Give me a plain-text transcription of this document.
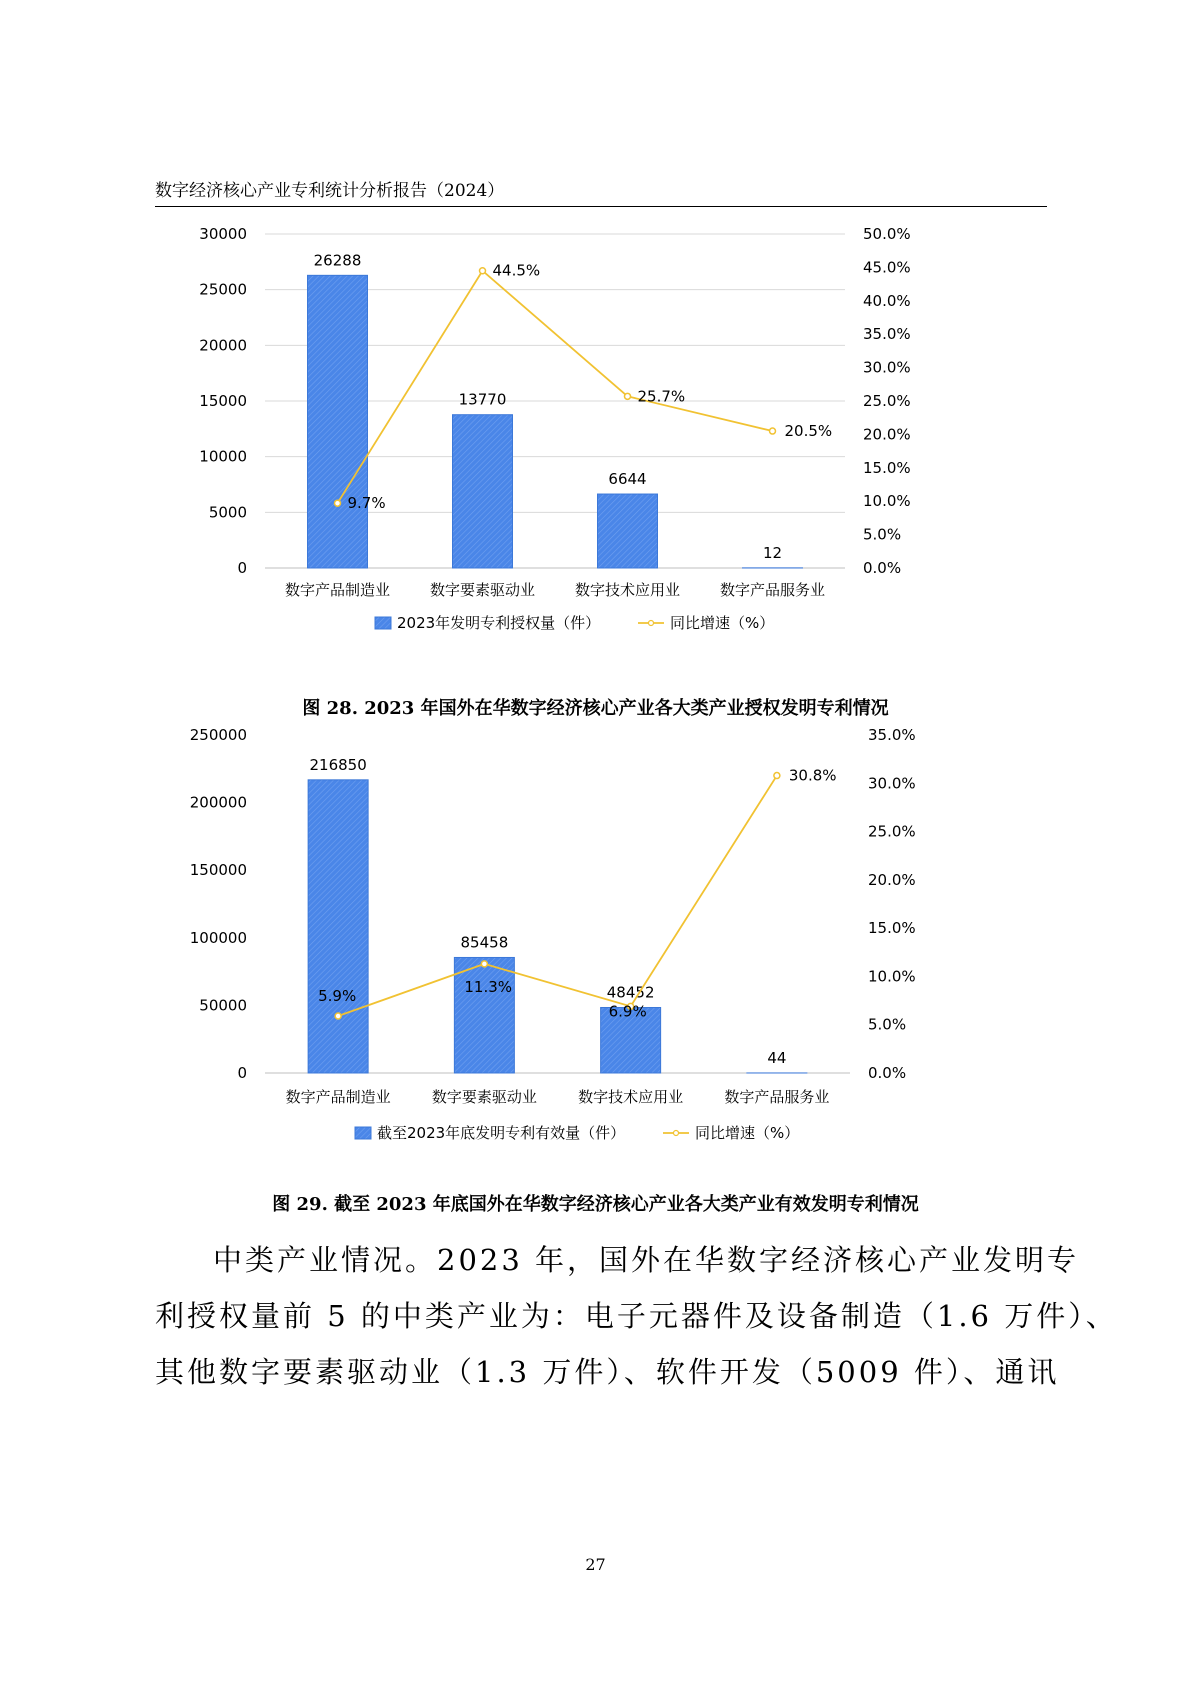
数字经济核心产业专利统计分析报告（2024）
30000
25000
20000
15000
10000
5000
0
50.0%
45.0%
40.0%
35.0%
30.0%
25.0%
20.0%
15.0%
10.0%
5.0%
0.0%
26288
数字产品制造业
13770
数字要素驱动业
6644
数字技术应用业
12
数字产品服务业
9.7%
44.5%
25.7%
20.5%
2023年发明专利授权量（件）	同比增速（%）
图 28. 2023 年国外在华数字经济核心产业各大类产业授权发明专利情况
250000
200000
150000
100000
50000
0
35.0%
30.0%
25.0%
20.0%
15.0%
10.0%
5.0%
0.0%
216850
数字产品制造业
85458
数字要素驱动业
48452
数字技术应用业
44
数字产品服务业
5.9%
11.3%
6.9%
30.8%
截至2023年底发明专利有效量（件）	同比增速（%）
图 29. 截至 2023 年底国外在华数字经济核心产业各大类产业有效发明专利情况
中类产业情况。2023 年，国外在华数字经济核心产业发明专
利授权量前 5 的中类产业为：电子元器件及设备制造（1.6 万件）、
其他数字要素驱动业（1.3 万件）、软件开发（5009 件）、通讯
27
